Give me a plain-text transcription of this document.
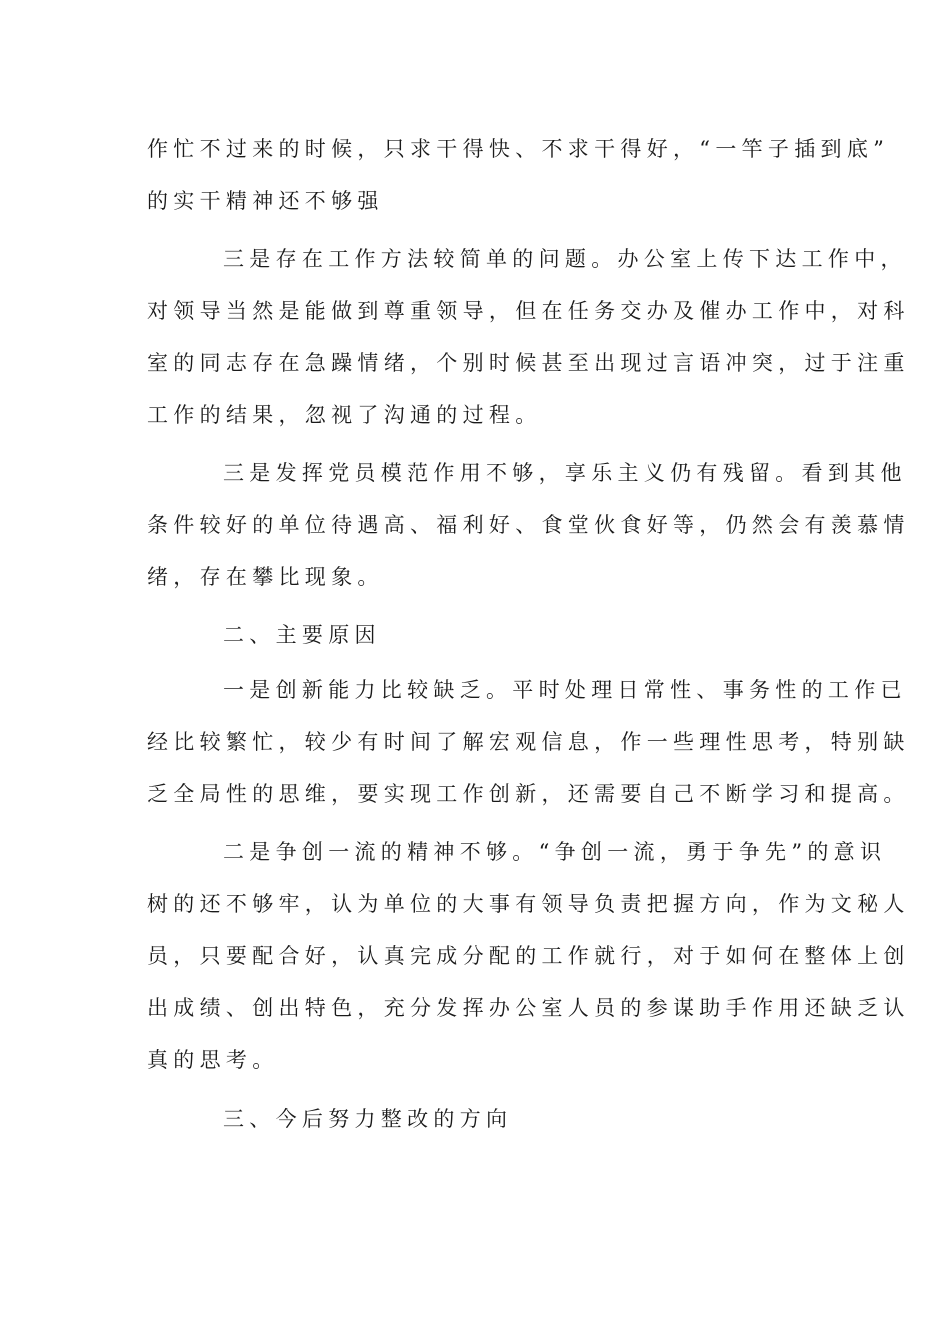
作忙不过来的时候，只求干得快、不求干得好，“一竿子插到底”
的实干精神还不够强
三是存在工作方法较简单的问题。办公室上传下达工作中，
对领导当然是能做到尊重领导，但在任务交办及催办工作中，对科
室的同志存在急躁情绪，个别时候甚至出现过言语冲突，过于注重
工作的结果，忽视了沟通的过程。
三是发挥党员模范作用不够，享乐主义仍有残留。看到其他
条件较好的单位待遇高、福利好、食堂伙食好等，仍然会有羡慕情
绪，存在攀比现象。
二、主要原因
一是创新能力比较缺乏。平时处理日常性、事务性的工作已
经比较繁忙，较少有时间了解宏观信息，作一些理性思考，特别缺
乏全局性的思维，要实现工作创新，还需要自己不断学习和提高。
二是争创一流的精神不够。“争创一流，勇于争先”的意识
树的还不够牢，认为单位的大事有领导负责把握方向，作为文秘人
员，只要配合好，认真完成分配的工作就行，对于如何在整体上创
出成绩、创出特色，充分发挥办公室人员的参谋助手作用还缺乏认
真的思考。
三、今后努力整改的方向
